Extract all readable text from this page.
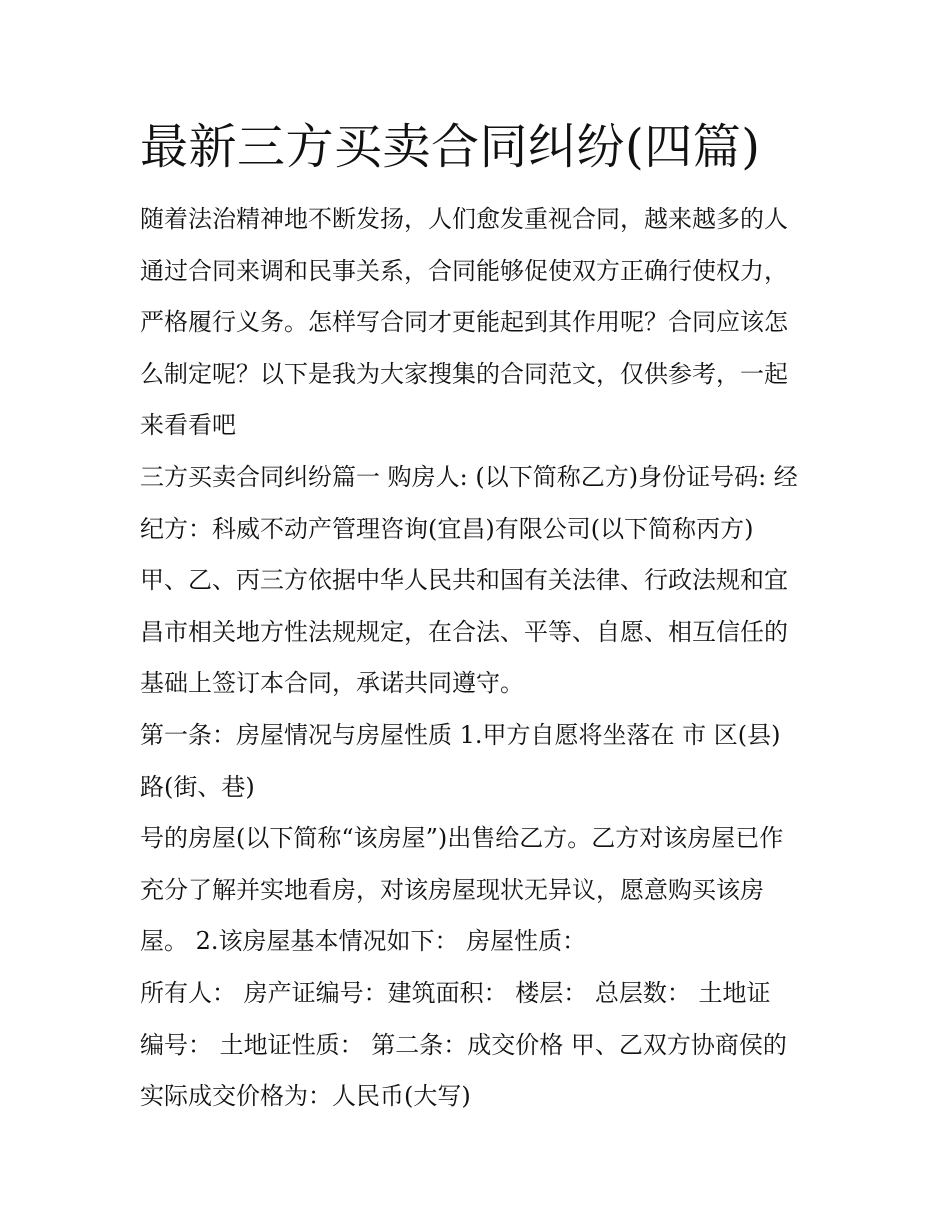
最新三方买卖合同纠纷(四篇)
随着法治精神地不断发扬，人们愈发重视合同，越来越多的人
通过合同来调和民事关系，合同能够促使双方正确行使权力，
严格履行义务。怎样写合同才更能起到其作用呢？合同应该怎
么制定呢？以下是我为大家搜集的合同范文，仅供参考，一起
来看看吧
三方买卖合同纠纷篇一 购房人: (以下简称乙方)身份证号码: 经
纪方：科威不动产管理咨询(宜昌)有限公司(以下简称丙方)
甲、乙、丙三方依据中华人民共和国有关法律、行政法规和宜
昌市相关地方性法规规定，在合法、平等、自愿、相互信任的
基础上签订本合同，承诺共同遵守。
第一条：房屋情况与房屋性质 1.甲方自愿将坐落在 市 区(县)
路(街、巷)
号的房屋(以下简称“该房屋”)出售给乙方。乙方对该房屋已作
充分了解并实地看房，对该房屋现状无异议，愿意购买该房
屋。 2.该房屋基本情况如下： 房屋性质：
所有人： 房产证编号：建筑面积： 楼层： 总层数： 土地证
编号： 土地证性质： 第二条：成交价格 甲、乙双方协商侯的
实际成交价格为：人民币(大写)
